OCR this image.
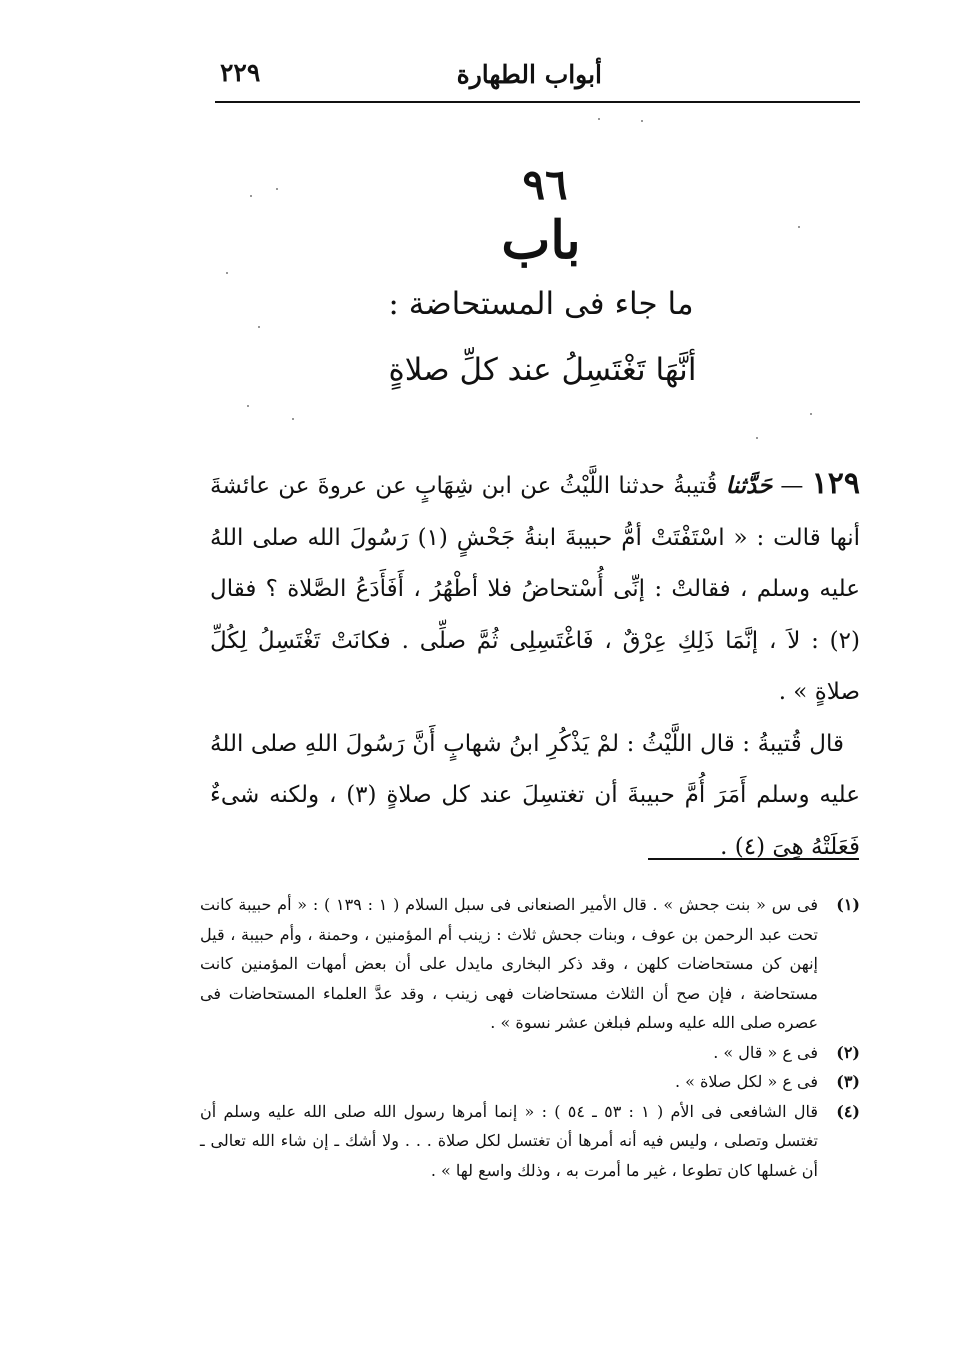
أبواب الطهارة
٢٢٩
٩٦
باب
ما جاء فى المستحاضة :
أنَّهَا تَغْتَسِلُ عند كلِّ صلاةٍ

١٢٩ — حَدَّثنا قُتيبةُ حدثنا اللَّيْثُ عن ابن شِهَابٍ عن عروةَ عن عائشةَ أنها قالت : « اسْتَفْتَتْ أمُّ حبيبةَ ابنةُ جَحْشٍ (١) رَسُولَ الله صلى اللهُ عليه وسلم ، فقالتْ : إنِّى أُسْتحاضُ فلا أطْهُرُ ، أَفَأَدَعُ الصَّلاة ؟ فقال (٢) : لاَ ، إنَّمَا ذَلِكِ عِرْقٌ ، فَاغْتَسِلِى ثُمَّ صلِّى . فكانَتْ تَغْتَسِلُ لِكُلِّ صلاةٍ » .

قال قُتيبةُ : قال اللَّيْثُ : لمْ يَذْكُرِ ابنُ شهابٍ أَنَّ رَسُولَ اللهِ صلى اللهُ عليه وسلم أَمَرَ أُمَّ حبيبةَ أن تغتسِلَ عند كل صلاةٍ (٣) ، ولكنه شىءٌ فَعَلَتْهُ هِىَ (٤) .

(١)
فى س « بنت جحش » . قال الأمير الصنعانى فى سبل السلام ( ١ : ١٣٩ ) : « أم حبيبة كانت تحت عبد الرحمن بن عوف ، وبنات جحش ثلاث : زينب أم المؤمنين ، وحمنة ، وأم حبيبة ، قيل إنهن كن مستحاضات كلهن ، وقد ذكر البخارى مايدل على أن بعض أمهات المؤمنين كانت مستحاضة ، فإن صح أن الثلاث مستحاضات فهى زينب ، وقد عدَّ العلماء المستحاضات فى عصره صلى الله عليه وسلم فبلغن عشر نسوة » .
(٢)
فى ع « قال » .
(٣)
فى ع « لكل صلاة » .
(٤)
قال الشافعى فى الأم ( ١ : ٥٣ ـ ٥٤ ) : « إنما أمرها رسول الله صلى الله عليه وسلم أن تغتسل وتصلى ، وليس فيه أنه أمرها أن تغتسل لكل صلاة . . . ولا أشك ـ إن شاء الله تعالى ـ أن غسلها كان تطوعا ، غير ما أمرت به ، وذلك واسع لها » .
